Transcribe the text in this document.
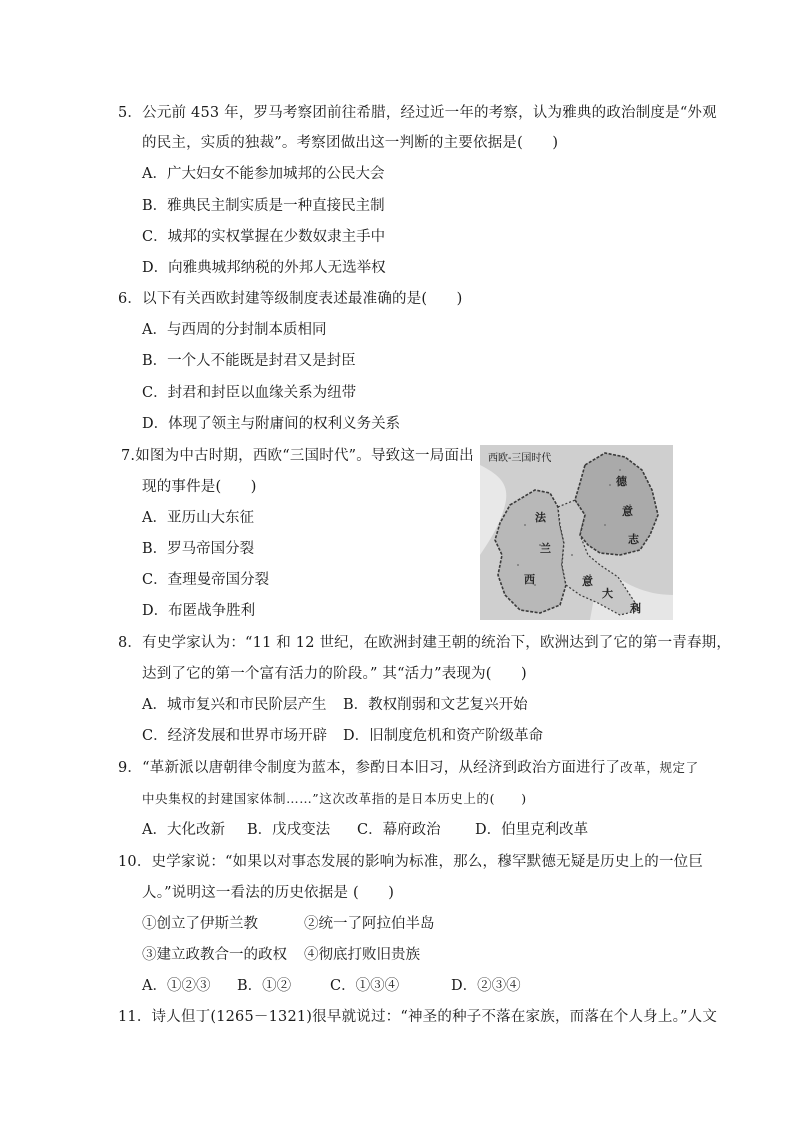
5．公元前 453 年，罗马考察团前往希腊，经过近一年的考察，认为雅典的政治制度是“外观
的民主，实质的独裁”。考察团做出这一判断的主要依据是(　　)
A．广大妇女不能参加城邦的公民大会
B．雅典民主制实质是一种直接民主制
C．城邦的实权掌握在少数奴隶主手中
D．向雅典城邦纳税的外邦人无选举权
6．以下有关西欧封建等级制度表述最准确的是(　　)
A．与西周的分封制本质相同
B．一个人不能既是封君又是封臣
C．封君和封臣以血缘关系为纽带
D．体现了领主与附庸间的权利义务关系
7.如图为中古时期，西欧“三国时代”。导致这一局面出
现的事件是(　　)
A．亚历山大东征
B．罗马帝国分裂
C．查理曼帝国分裂
D．布匿战争胜利
西欧-三国时代
法
兰
西
德
意
志
意
大
利
8．有史学家认为：“11 和 12 世纪，在欧洲封建王朝的统治下，欧洲达到了它的第一青春期，
达到了它的第一个富有活力的阶段。” 其“活力”表现为(　　)
A．城市复兴和市民阶层产生 B．教权削弱和文艺复兴开始
C．经济发展和世界市场开辟 D．旧制度危机和资产阶级革命
9．“革新派以唐朝律令制度为蓝本，参酌日本旧习，从经济到政治方面进行了改革，规定了
中央集权的封建国家体制……”这次改革指的是日本历史上的(　　)
A．大化改新 B．戊戌变法 C．幕府政治 D．伯里克利改革
10．史学家说：“如果以对事态发展的影响为标准，那么，穆罕默德无疑是历史上的一位巨
人。”说明这一看法的历史依据是 (　　)
①创立了伊斯兰教	②统一了阿拉伯半岛
③建立政教合一的政权 ④彻底打败旧贵族
A．①②③ B．①②	C．①③④	D．②③④
11．诗人但丁(1265－1321)很早就说过：“神圣的种子不落在家族，而落在个人身上。”人文
